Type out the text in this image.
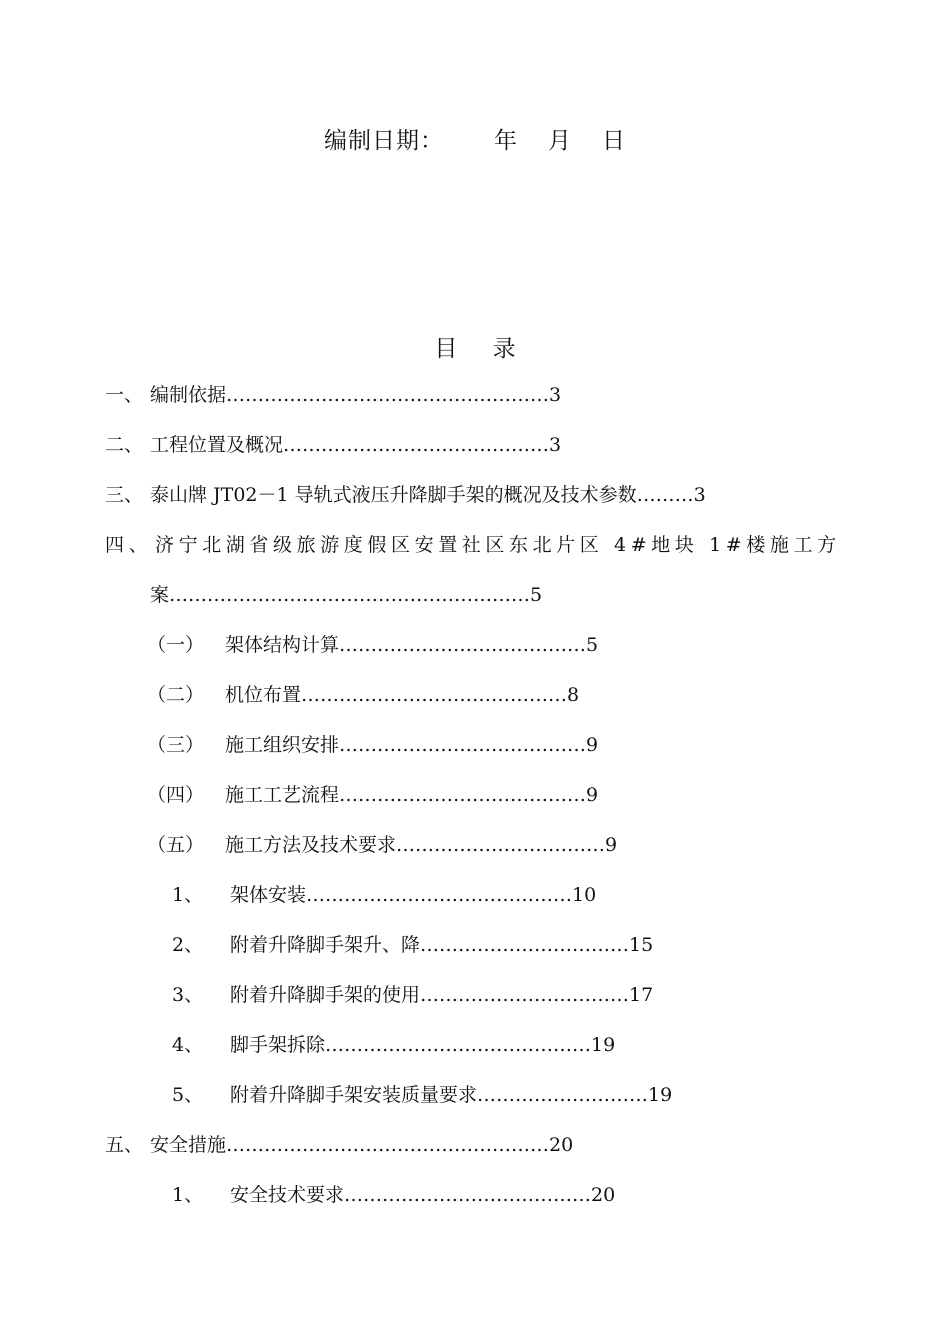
编制日期： 年 月 日
目 录
一、 编制依据……………………………………………3
二、 工程位置及概况……………………………………3
三、 泰山牌 JT02－1 导轨式液压升降脚手架的概况及技术参数………3
四、 济宁北湖省级旅游度假区安置社区东北片区 4#地块 1#楼施工方
案…………………………………………………5
（一） 架体结构计算…………………………………5
（二） 机位布置……………………………………8
（三） 施工组织安排…………………………………9
（四） 施工工艺流程…………………………………9
（五） 施工方法及技术要求……………………………9
1、 架体安装……………………………………10
2、 附着升降脚手架升、降……………………………15
3、 附着升降脚手架的使用……………………………17
4、 脚手架拆除……………………………………19
5、 附着升降脚手架安装质量要求………………………19
五、 安全措施……………………………………………20
1、 安全技术要求…………………………………20
